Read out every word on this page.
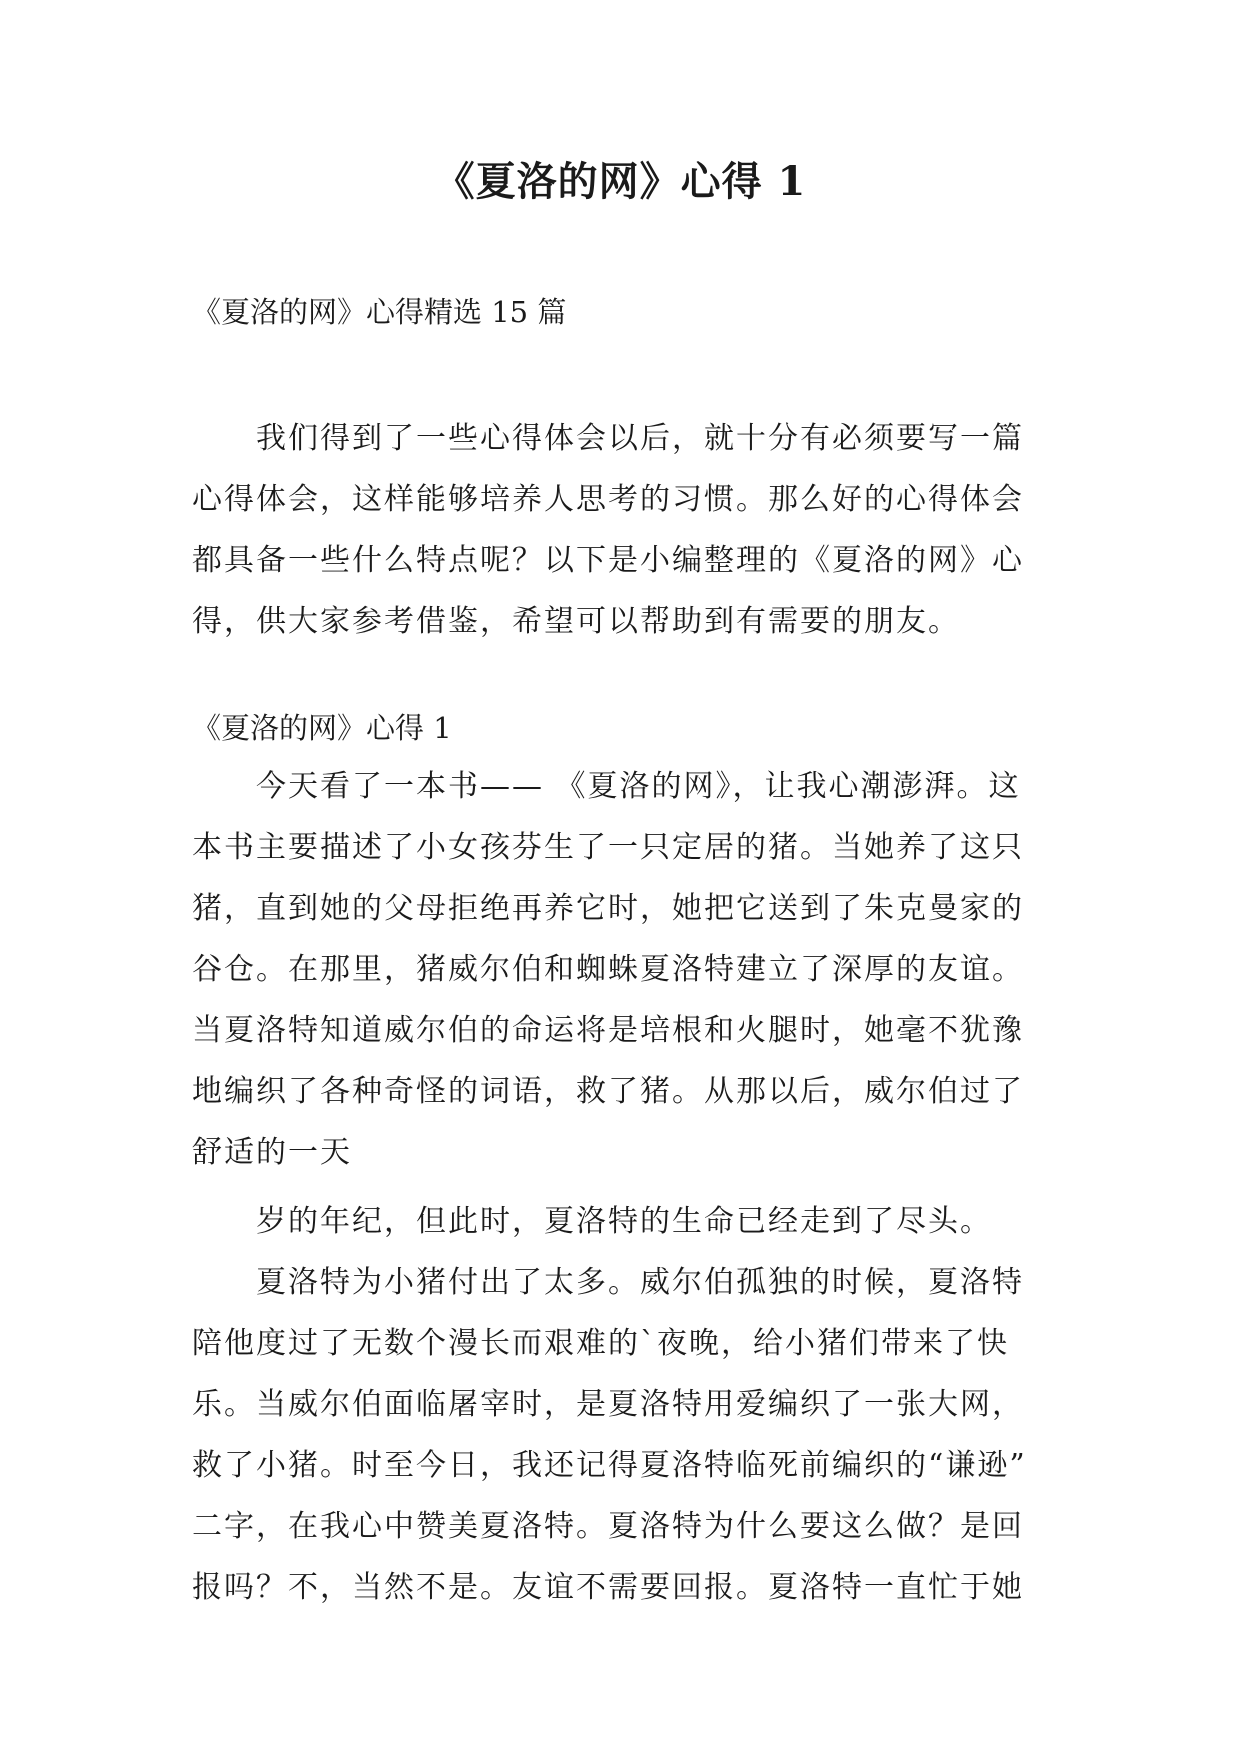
《夏洛的网》心得 1
《夏洛的网》心得精选 15 篇
我们得到了一些心得体会以后，就十分有必须要写一篇
心得体会，这样能够培养人思考的习惯。那么好的心得体会
都具备一些什么特点呢？以下是小编整理的《夏洛的网》心
得，供大家参考借鉴，希望可以帮助到有需要的朋友。
《夏洛的网》心得 1
今天看了一本书—— 《夏洛的网》，让我心潮澎湃。这
本书主要描述了小女孩芬生了一只定居的猪。当她养了这只
猪，直到她的父母拒绝再养它时，她把它送到了朱克曼家的
谷仓。在那里，猪威尔伯和蜘蛛夏洛特建立了深厚的友谊。
当夏洛特知道威尔伯的命运将是培根和火腿时，她毫不犹豫
地编织了各种奇怪的词语，救了猪。从那以后，威尔伯过了
舒适的一天
岁的年纪，但此时，夏洛特的生命已经走到了尽头。
夏洛特为小猪付出了太多。威尔伯孤独的时候，夏洛特
陪他度过了无数个漫长而艰难的`夜晚，给小猪们带来了快
乐。当威尔伯面临屠宰时，是夏洛特用爱编织了一张大网，
救了小猪。时至今日，我还记得夏洛特临死前编织的“谦逊”
二字，在我心中赞美夏洛特。夏洛特为什么要这么做？是回
报吗？不，当然不是。友谊不需要回报。夏洛特一直忙于她
